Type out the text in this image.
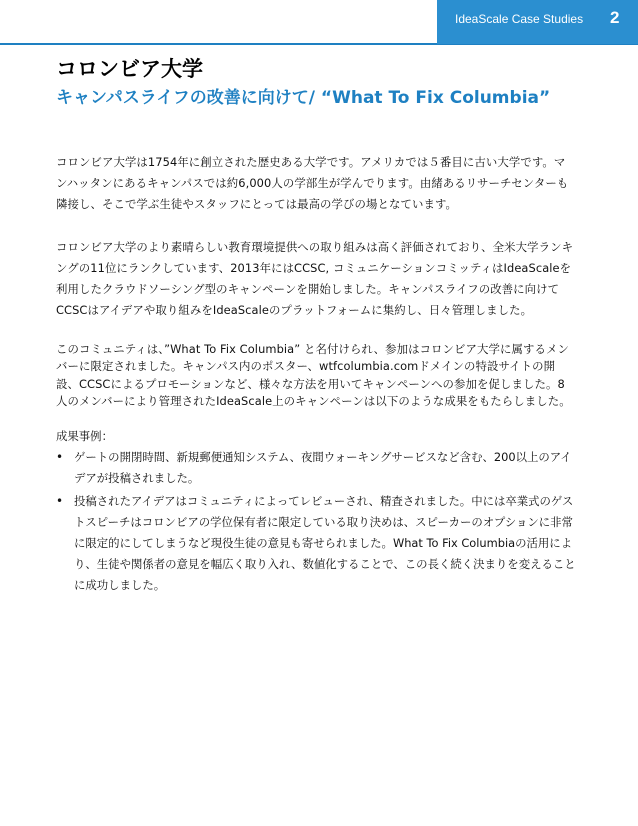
IdeaScale Case Studies 2
コロンビア大学
キャンパスライフの改善に向けて/ “What To Fix Columbia”

コロンビア大学は1754年に創立された歴史ある大学です。アメリカでは５番目に古い大学です。マンハッタンにあるキャンパスでは約6,000人の学部生が学んでります。由緒あるリサーチセンターも隣接し、そこで学ぶ生徒やスタッフにとっては最高の学びの場となています。

コロンビア大学のより素晴らしい教育環境提供への取り組みは高く評価されており、全米大学ランキングの11位にランクしています、2013年にはCCSC, コミュニケーションコミッティはIdeaScaleを利用したクラウドソーシング型のキャンペーンを開始しました。キャンパスライフの改善に向けてCCSCはアイデアや取り組みをIdeaScaleのプラットフォームに集約し、日々管理しました。

このコミュニティは、”What To Fix Columbia” と名付けられ、参加はコロンビア大学に属するメンバーに限定されました。キャンパス内のポスター、wtfcolumbia.comドメインの特設サイトの開設、CCSCによるプロモーションなど、様々な方法を用いてキャンペーンへの参加を促しました。8人のメンバーにより管理されたIdeaScale上のキャンペーンは以下のような成果をもたらしました。

成果事例：
• ゲートの開閉時間、新規郵便通知システム、夜間ウォーキングサービスなど含む、200以上のアイデアが投稿されました。
• 投稿されたアイデアはコミュニティによってレビューされ、精査されました。中には卒業式のゲストスピーチはコロンビアの学位保有者に限定している取り決めは、スピーカーのオプションに非常に限定的にしてしまうなど現役生徒の意見も寄せられました。What To Fix Columbiaの活用により、生徒や関係者の意見を幅広く取り入れ、数値化することで、この長く続く決まりを変えることに成功しました。
